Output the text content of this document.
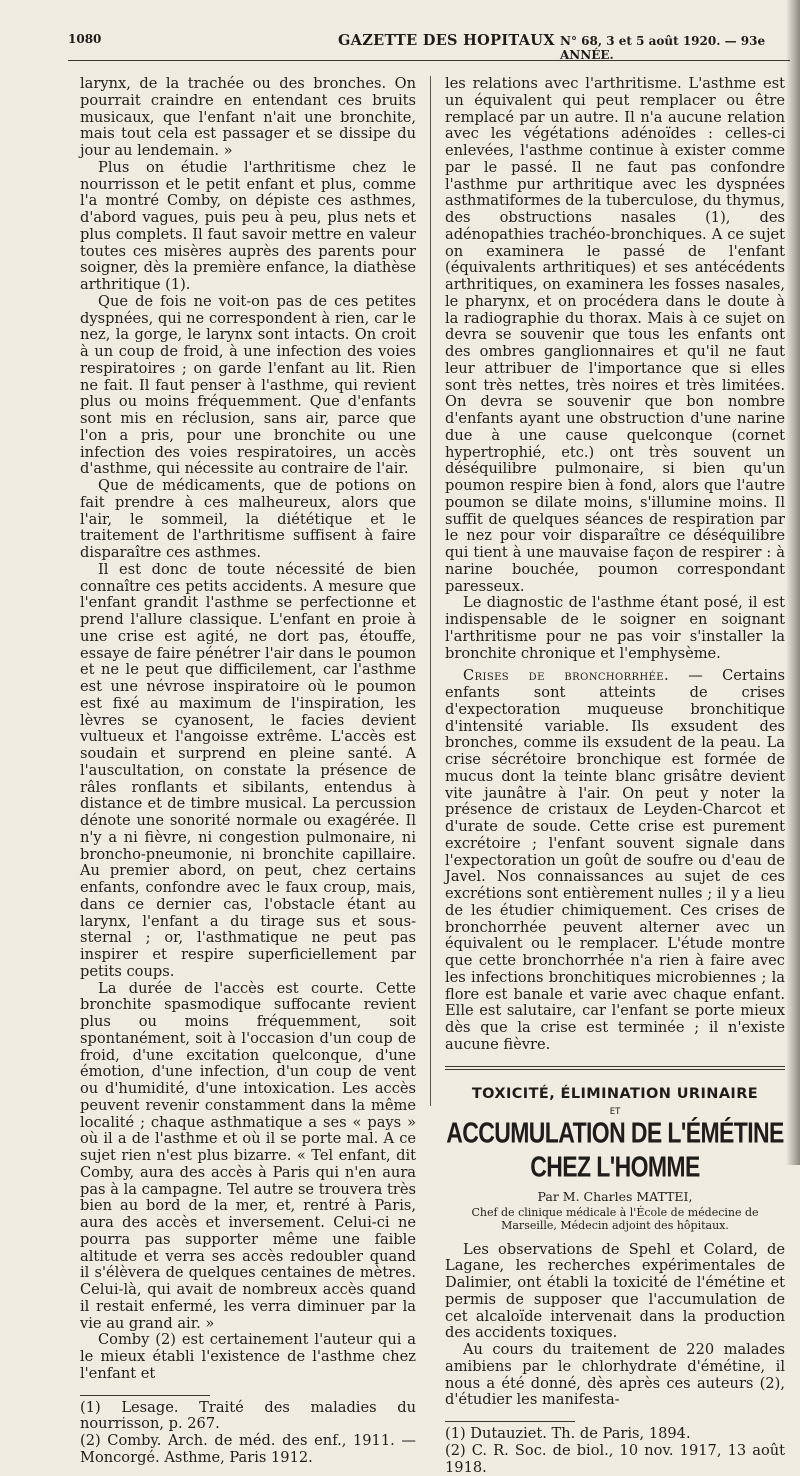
1080	GAZETTE DES HOPITAUX N° 68, 3 et 5 août 1920. — 93e ANNÉE.

larynx, de la trachée ou des bronches. On pourrait craindre en entendant ces bruits musicaux, que l'enfant n'ait une bronchite, mais tout cela est passager et se dissipe du jour au lendemain. »

Plus on étudie l'arthritisme chez le nourrisson et le petit enfant et plus, comme l'a montré Comby, on dépiste ces asthmes, d'abord vagues, puis peu à peu, plus nets et plus complets. Il faut savoir mettre en valeur toutes ces misères auprès des parents pour soigner, dès la première enfance, la diathèse arthritique (1).

Que de fois ne voit-on pas de ces petites dyspnées, qui ne correspondent à rien, car le nez, la gorge, le larynx sont intacts. On croit à un coup de froid, à une infection des voies respiratoires ; on garde l'enfant au lit. Rien ne fait. Il faut penser à l'asthme, qui revient plus ou moins fréquemment. Que d'enfants sont mis en réclusion, sans air, parce que l'on a pris, pour une bronchite ou une infection des voies respiratoires, un accès d'asthme, qui nécessite au contraire de l'air.

Que de médicaments, que de potions on fait prendre à ces malheureux, alors que l'air, le sommeil, la diététique et le traitement de l'arthritisme suffisent à faire disparaître ces asthmes.

Il est donc de toute nécessité de bien connaître ces petits accidents. A mesure que l'enfant grandit l'asthme se perfectionne et prend l'allure classique. L'enfant en proie à une crise est agité, ne dort pas, étouffe, essaye de faire pénétrer l'air dans le poumon et ne le peut que difficilement, car l'asthme est une névrose inspiratoire où le poumon est fixé au maximum de l'inspiration, les lèvres se cyanosent, le facies devient vultueux et l'angoisse extrême. L'accès est soudain et surprend en pleine santé. A l'auscultation, on constate la présence de râles ronflants et sibilants, entendus à distance et de timbre musical. La percussion dénote une sonorité normale ou exagérée. Il n'y a ni fièvre, ni congestion pulmonaire, ni broncho-pneumonie, ni bronchite capillaire. Au premier abord, on peut, chez certains enfants, confondre avec le faux croup, mais, dans ce dernier cas, l'obstacle étant au larynx, l'enfant a du tirage sus et sous-sternal ; or, l'asthmatique ne peut pas inspirer et respire superficiellement par petits coups.

La durée de l'accès est courte. Cette bronchite spasmodique suffocante revient plus ou moins fréquemment, soit spontanément, soit à l'occasion d'un coup de froid, d'une excitation quelconque, d'une émotion, d'une infection, d'un coup de vent ou d'humidité, d'une intoxication. Les accès peuvent revenir constamment dans la même localité ; chaque asthmatique a ses « pays » où il a de l'asthme et où il se porte mal. A ce sujet rien n'est plus bizarre. « Tel enfant, dit Comby, aura des accès à Paris qui n'en aura pas à la campagne. Tel autre se trouvera très bien au bord de la mer, et, rentré à Paris, aura des accès et inversement. Celui-ci ne pourra pas supporter même une faible altitude et verra ses accès redoubler quand il s'élèvera de quelques centaines de mètres. Celui-là, qui avait de nombreux accès quand il restait enfermé, les verra diminuer par la vie au grand air. »

Comby (2) est certainement l'auteur qui a le mieux établi l'existence de l'asthme chez l'enfant et

(1) Lesage. Traité des maladies du nourrisson, p. 267.

(2) Comby. Arch. de méd. des enf., 1911. — Moncorgé. Asthme, Paris 1912.

les relations avec l'arthritisme. L'asthme est un équivalent qui peut remplacer ou être remplacé par un autre. Il n'a aucune relation avec les végétations adénoïdes : celles-ci enlevées, l'asthme continue à exister comme par le passé. Il ne faut pas confondre l'asthme pur arthritique avec les dyspnées asthmatiformes de la tuberculose, du thymus, des obstructions nasales (1), des adénopathies trachéo-bronchiques. A ce sujet on examinera le passé de l'enfant (équivalents arthritiques) et ses antécédents arthritiques, on examinera les fosses nasales, le pharynx, et on procédera dans le doute à la radiographie du thorax. Mais à ce sujet on devra se souvenir que tous les enfants ont des ombres ganglionnaires et qu'il ne faut leur attribuer de l'importance que si elles sont très nettes, très noires et très limitées. On devra se souvenir que bon nombre d'enfants ayant une obstruction d'une narine due à une cause quelconque (cornet hypertrophié, etc.) ont très souvent un déséquilibre pulmonaire, si bien qu'un poumon respire bien à fond, alors que l'autre poumon se dilate moins, s'illumine moins. Il suffit de quelques séances de respiration par le nez pour voir disparaître ce déséquilibre qui tient à une mauvaise façon de respirer : à narine bouchée, poumon correspondant paresseux.

Le diagnostic de l'asthme étant posé, il est indispensable de le soigner en soignant l'arthritisme pour ne pas voir s'installer la bronchite chronique et l'emphysème.

Crises de bronchorrhée. — Certains enfants sont atteints de crises d'expectoration muqueuse bronchitique d'intensité variable. Ils exsudent des bronches, comme ils exsudent de la peau. La crise sécrétoire bronchique est formée de mucus dont la teinte blanc grisâtre devient vite jaunâtre à l'air. On peut y noter la présence de cristaux de Leyden-Charcot et d'urate de soude. Cette crise est purement excrétoire ; l'enfant souvent signale dans l'expectoration un goût de soufre ou d'eau de Javel. Nos connaissances au sujet de ces excrétions sont entièrement nulles ; il y a lieu de les étudier chimiquement. Ces crises de bronchorrhée peuvent alterner avec un équivalent ou le remplacer. L'étude montre que cette bronchorrhée n'a rien à faire avec les infections bronchitiques microbiennes ; la flore est banale et varie avec chaque enfant. Elle est salutaire, car l'enfant se porte mieux dès que la crise est terminée ; il n'existe aucune fièvre.

TOXICITÉ, ÉLIMINATION URINAIRE
ET
ACCUMULATION DE L'ÉMÉTINE CHEZ L'HOMME
Par M. Charles MATTEI,
Chef de clinique médicale à l'École de médecine de Marseille, Médecin adjoint des hôpitaux.

Les observations de Spehl et Colard, de Lagane, les recherches expérimentales de Dalimier, ont établi la toxicité de l'émétine et permis de supposer que l'accumulation de cet alcaloïde intervenait dans la production des accidents toxiques.

Au cours du traitement de 220 malades amibiens par le chlorhydrate d'émétine, il nous a été donné, dès après ces auteurs (2), d'étudier les manifesta-

(1) Dutauziet. Th. de Paris, 1894.

(2) C. R. Soc. de biol., 10 nov. 1917, 13 août 1918.
